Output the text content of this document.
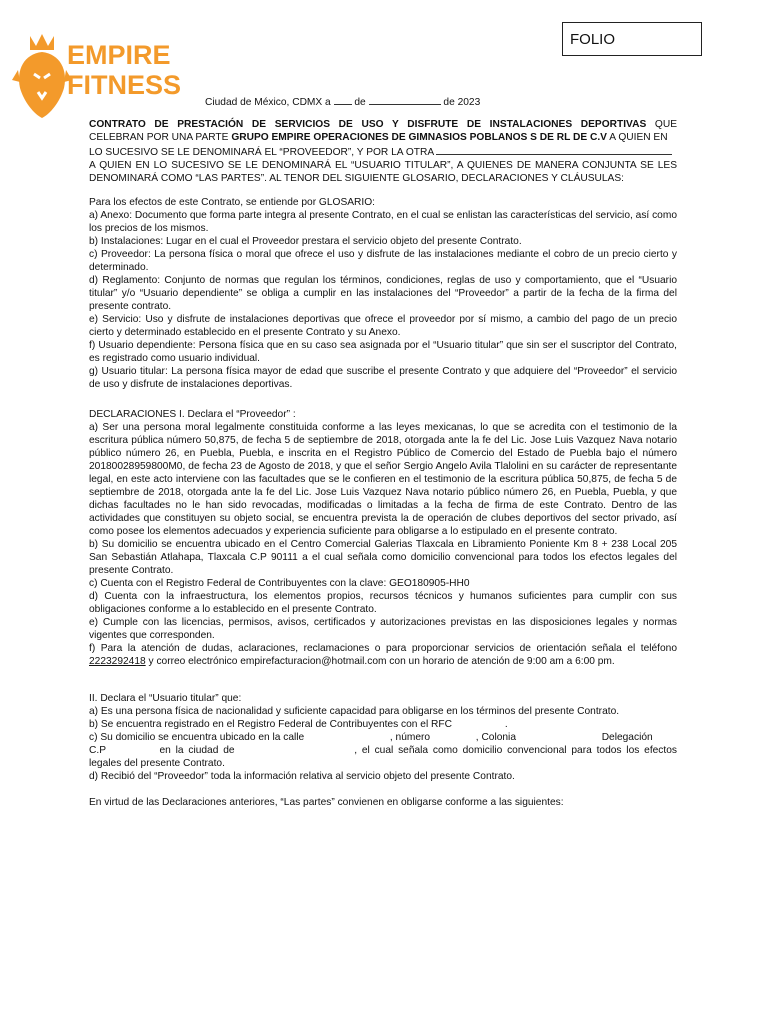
FOLIO
EMPIRE
FITNESS
Ciudad de México, CDMX a de	de 2023

CONTRATO DE PRESTACIÓN DE SERVICIOS DE USO Y DISFRUTE DE INSTALACIONES DEPORTIVAS QUE

CELEBRAN POR UNA PARTE GRUPO EMPIRE OPERACIONES DE GIMNASIOS POBLANOS S DE RL DE C.V A QUIEN EN

LO SUCESIVO SE LE DENOMINARÁ EL “PROVEEDOR”, Y POR LA OTRA

A QUIEN EN LO SUCESIVO SE LE DENOMINARÁ EL “USUARIO TITULAR”, A QUIENES DE MANERA CONJUNTA SE LES DENOMINARÁ COMO “LAS PARTES”. AL TENOR DEL SIGUIENTE GLOSARIO, DECLARACIONES Y CLÁUSULAS:

Para los efectos de este Contrato, se entiende por GLOSARIO:

a) Anexo: Documento que forma parte integra al presente Contrato, en el cual se enlistan las características del servicio, así como los precios de los mismos.

b) Instalaciones: Lugar en el cual el Proveedor prestara el servicio objeto del presente Contrato.

c) Proveedor: La persona física o moral que ofrece el uso y disfrute de las instalaciones mediante el cobro de un precio cierto y determinado.

d) Reglamento: Conjunto de normas que regulan los términos, condiciones, reglas de uso y comportamiento, que el “Usuario titular” y/o “Usuario dependiente” se obliga a cumplir en las instalaciones del “Proveedor” a partir de la fecha de la firma del presente contrato.

e) Servicio: Uso y disfrute de instalaciones deportivas que ofrece el proveedor por sí mismo, a cambio del pago de un precio cierto y determinado establecido en el presente Contrato y su Anexo.

f) Usuario dependiente: Persona física que en su caso sea asignada por el “Usuario titular” que sin ser el suscriptor del Contrato, es registrado como usuario individual.

g) Usuario titular: La persona física mayor de edad que suscribe el presente Contrato y que adquiere del “Proveedor” el servicio de uso y disfrute de instalaciones deportivas.

DECLARACIONES I. Declara el “Proveedor” :

a) Ser una persona moral legalmente constituida conforme a las leyes mexicanas, lo que se acredita con el testimonio de la escritura pública número 50,875, de fecha 5 de septiembre de 2018, otorgada ante la fe del Lic. Jose Luis Vazquez Nava notario público número 26, en Puebla, Puebla, e inscrita en el Registro Público de Comercio del Estado de Puebla bajo el número 20180028959800M0, de fecha 23 de Agosto de 2018, y que el señor Sergio Angelo Avila Tlalolini en su carácter de representante legal, en este acto interviene con las facultades que se le confieren en el testimonio de la escritura pública 50,875, de fecha 5 de septiembre de 2018, otorgada ante la fe del Lic. Jose Luis Vazquez Nava notario público número 26, en Puebla, Puebla, y que dichas facultades no le han sido revocadas, modificadas o limitadas a la fecha de firma de este Contrato. Dentro de las actividades que constituyen su objeto social, se encuentra prevista la de operación de clubes deportivos del sector privado, así como posee los elementos adecuados y experiencia suficiente para obligarse a lo estipulado en el presente contrato.

b) Su domicilio se encuentra ubicado en el Centro Comercial Galerias Tlaxcala en Libramiento Poniente Km 8 + 238 Local 205 San Sebastián Atlahapa, Tlaxcala C.P 90111 a el cual señala como domicilio convencional para todos los efectos legales del presente Contrato.

c) Cuenta con el Registro Federal de Contribuyentes con la clave: GEO180905-HH0

d) Cuenta con la infraestructura, los elementos propios, recursos técnicos y humanos suficientes para cumplir con sus obligaciones conforme a lo establecido en el presente Contrato.

e) Cumple con las licencias, permisos, avisos, certificados y autorizaciones previstas en las disposiciones legales y normas vigentes que corresponden.

f) Para la atención de dudas, aclaraciones, reclamaciones o para proporcionar servicios de orientación señala el teléfono 2223292418 y correo electrónico empirefacturacion@hotmail.com con un horario de atención de 9:00 am a 6:00 pm.

II. Declara el “Usuario titular” que:

a) Es una persona física de nacionalidad y suficiente capacidad para obligarse en los términos del presente Contrato.

b) Se encuentra registrado en el Registro Federal de Contribuyentes con el RFC	.

c) Su domicilio se encuentra ubicado en la calle	, número	, Colonia	Delegación
C.P	en la ciudad de	, el cual señala como domicilio convencional para todos los efectos legales del presente Contrato.

d) Recibió del “Proveedor” toda la información relativa al servicio objeto del presente Contrato.

En virtud de las Declaraciones anteriores, “Las partes” convienen en obligarse conforme a las siguientes:
